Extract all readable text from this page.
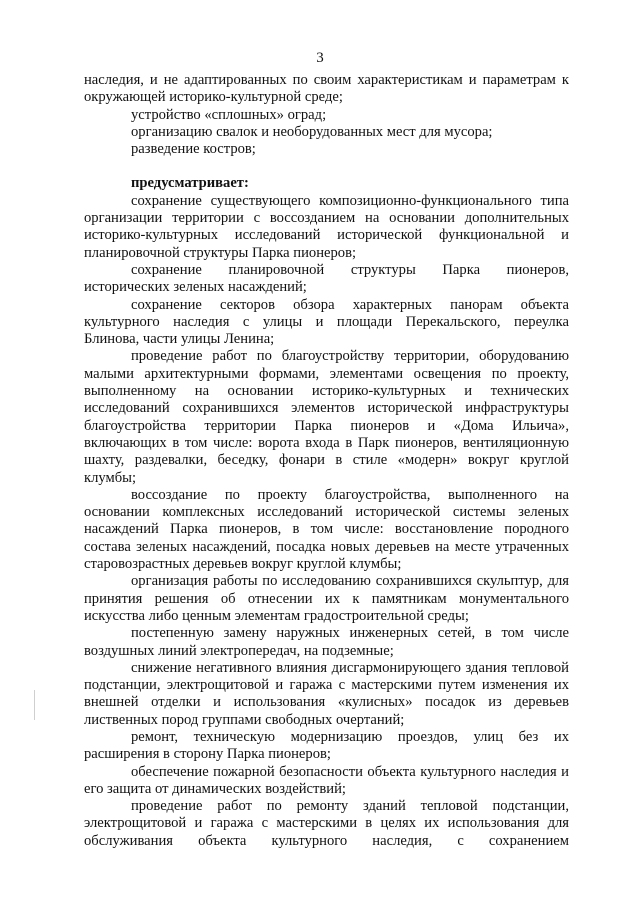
3
наследия, и не адаптированных по своим характеристикам и параметрам к
окружающей историко-культурной среде;
устройство «сплошных» оград;
организацию свалок и необорудованных мест для мусора;
разведение костров;
предусматривает:
сохранение существующего композиционно-функционального типа
организации территории с воссозданием на основании дополнительных
историко-культурных исследований исторической функциональной и
планировочной структуры Парка пионеров;
сохранение планировочной структуры Парка пионеров,
исторических зеленых насаждений;
сохранение секторов обзора характерных панорам объекта
культурного наследия с улицы и площади Перекальского, переулка
Блинова, части улицы Ленина;
проведение работ по благоустройству территории, оборудованию
малыми архитектурными формами, элементами освещения по проекту,
выполненному на основании историко-культурных и технических
исследований сохранившихся элементов исторической инфраструктуры
благоустройства территории Парка пионеров и «Дома Ильича»,
включающих в том числе: ворота входа в Парк пионеров, вентиляционную
шахту, раздевалки, беседку, фонари в стиле «модерн» вокруг круглой
клумбы;
воссоздание по проекту благоустройства, выполненного на
основании комплексных исследований исторической системы зеленых
насаждений Парка пионеров, в том числе: восстановление породного
состава зеленых насаждений, посадка новых деревьев на месте утраченных
старовозрастных деревьев вокруг круглой клумбы;
организация работы по исследованию сохранившихся скульптур, для
принятия решения об отнесении их к памятникам монументального
искусства либо ценным элементам градостроительной среды;
постепенную замену наружных инженерных сетей, в том числе
воздушных линий электропередач, на подземные;
снижение негативного влияния дисгармонирующего здания тепловой
подстанции, электрощитовой и гаража с мастерскими путем изменения их
внешней отделки и использования «кулисных» посадок из деревьев
лиственных пород группами свободных очертаний;
ремонт, техническую модернизацию проездов, улиц без их
расширения в сторону Парка пионеров;
обеспечение пожарной безопасности объекта культурного наследия и
его защита от динамических воздействий;
проведение работ по ремонту зданий тепловой подстанции,
электрощитовой и гаража с мастерскими в целях их использования для
обслуживания объекта культурного наследия, с сохранением
